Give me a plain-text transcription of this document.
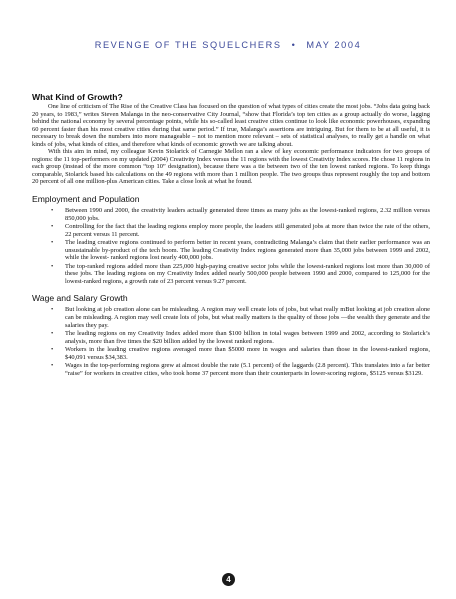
REVENGE OF THE SQUELCHERS • MAY 2004

What Kind of Growth?

One line of criticism of The Rise of the Creative Class has focused on the question of what types of cities create the most jobs. “Jobs data going back 20 years, to 1983,” writes Steven Malanga in the neo-conservative City Journal, “show that Florida’s top ten cities as a group actually do worse, lagging behind the national economy by several percentage points, while his so-called least creative cities continue to look like economic powerhouses, expanding 60 percent faster than his most creative cities during that same period.” If true, Malanga’s assertions are intriguing. But for them to be at all useful, it is necessary to break down the numbers into more manageable – not to mention more relevant – sets of statistical analyses, to really get a handle on what kinds of jobs, what kinds of cities, and therefore what kinds of economic growth we are talking about.

With this aim in mind, my colleague Kevin Stolarick of Carnegie Mellon ran a slew of key economic performance indicators for two groups of regions: the 11 top-performers on my updated (2004) Creativity Index versus the 11 regions with the lowest Creativity Index scores. He chose 11 regions in each group (instead of the more common “top 10” designation), because there was a tie between two of the ten lowest ranked regions. To keep things comparable, Stolarick based his calculations on the 49 regions with more than 1 million people. The two groups thus represent roughly the top and bottom 20 percent of all one million-plus American cities. Take a close look at what he found.

Employment and Population

• Between 1990 and 2000, the creativity leaders actually generated three times as many jobs as the lowest-ranked regions, 2.32 million versus 850,000 jobs.
• Controlling for the fact that the leading regions employ more people, the leaders still generated jobs at more than twice the rate of the others, 22 percent versus 11 percent.
• The leading creative regions continued to perform better in recent years, contradicting Malanga’s claim that their earlier performance was an unsustainable by-product of the tech boom. The leading Creativity Index regions generated more than 35,000 jobs between 1999 and 2002, while the lowest- ranked regions lost nearly 400,000 jobs.
• The top-ranked regions added more than 225,000 high-paying creative sector jobs while the lowest-ranked regions lost more than 30,000 of these jobs. The leading regions on my Creativity Index added nearly 500,000 people between 1990 and 2000, compared to 125,000 for the lowest-ranked regions, a growth rate of 23 percent versus 9.27 percent.

Wage and Salary Growth

• But looking at job creation alone can be misleading. A region may well create lots of jobs, but what really mBut looking at job creation alone can be misleading. A region may well create lots of jobs, but what really matters is the quality of those jobs —the wealth they generate and the salaries they pay.
• The leading regions on my Creativity Index added more than $100 billion in total wages between 1999 and 2002, according to Stolarick’s analysis, more than five times the $20 billion added by the lowest ranked regions.
• Workers in the leading creative regions averaged more than $5000 more in wages and salaries than those in the lowest-ranked regions, $40,091 versus $34,383.
• Wages in the top-performing regions grew at almost double the rate (5.1 percent) of the laggards (2.8 percent). This translates into a far better “raise” for workers in creative cities, who took home 37 percent more than their counterparts in lower-scoring regions, $5125 versus $3129.
4
